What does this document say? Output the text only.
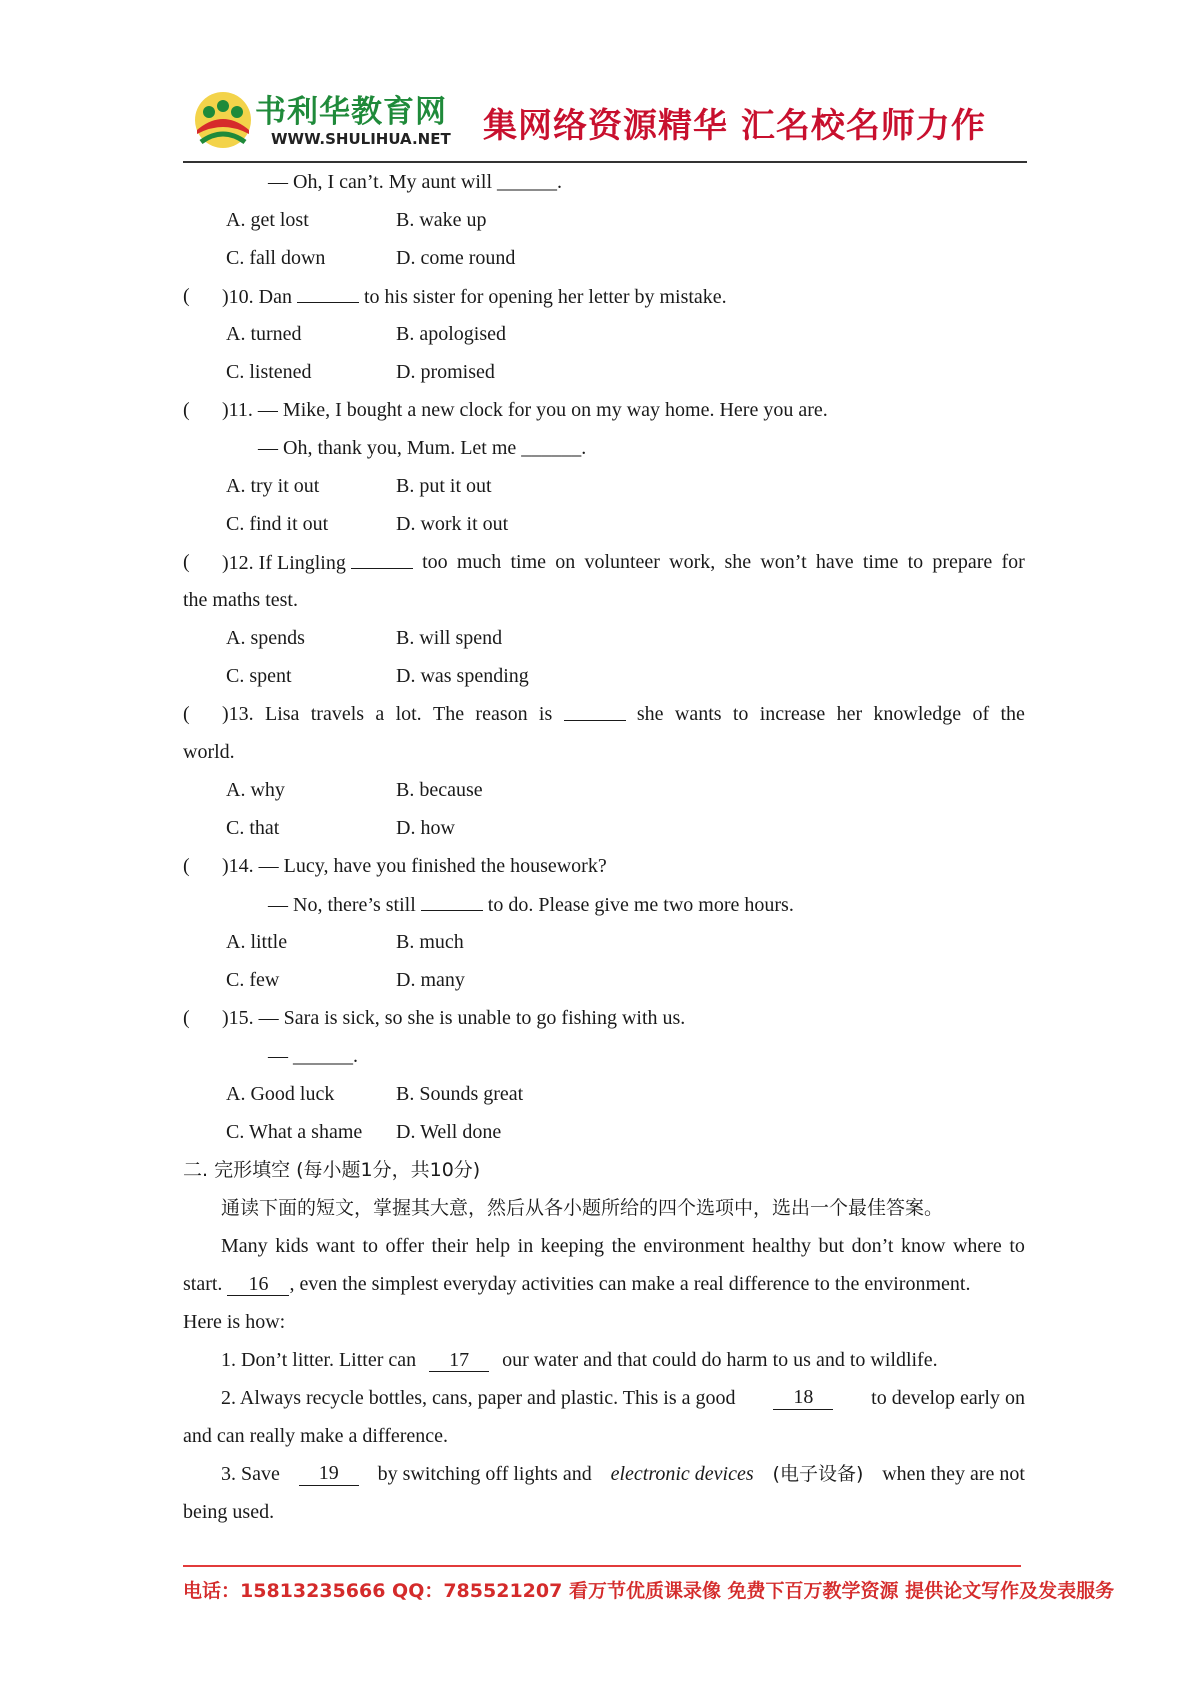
书利华教育网
WWW.SHULIHUA.NET 集网络资源精华 汇名校名师力作
— Oh, I can’t. My aunt will ______.
A. get lost	B. wake up
C. fall down	D. come round
( )10. Dan	to his sister for opening her letter by mistake.
A. turned	B. apologised
C. listened	D. promised
( )11. — Mike, I bought a new clock for you on my way home. Here you are.
— Oh, thank you, Mum. Let me ______.
A. try it out	B. put it out
C. find it out	D. work it out
( )12. If Lingling	too much time on volunteer work, she won’t have time to prepare for
the maths test.
A. spends	B. will spend
C. spent	D. was spending
( )13. Lisa travels a lot. The reason is	she wants to increase her knowledge of the
world.
A. why	B. because
C. that	D. how
( )14. — Lucy, have you finished the housework?
— No, there’s still	to do. Please give me two more hours.
A. little	B. much
C. few	D. many
( )15. — Sara is sick, so she is unable to go fishing with us.
— ______.
A. Good luck	B. Sounds great
C. What a shame D. Well done
二. 完形填空 (每小题1分，共10分)
通读下面的短文，掌握其大意，然后从各小题所给的四个选项中，选出一个最佳答案。
Many kids want to offer their help in keeping the environment healthy but don’t know where to
start. 16 , even the simplest everyday activities can make a real difference to the environment.
Here is how:
1. Don’t litter. Litter can 17 our water and that could do harm to us and to wildlife.
2. Always recycle bottles, cans, paper and plastic. This is a good	18	to develop early on
and can really make a difference.
3. Save	19	by switching off lights and electronic devices (电子设备) when they are not
being used.
电话：15813235666 QQ：785521207 看万节优质课录像 免费下百万教学资源 提供论文写作及发表服务
